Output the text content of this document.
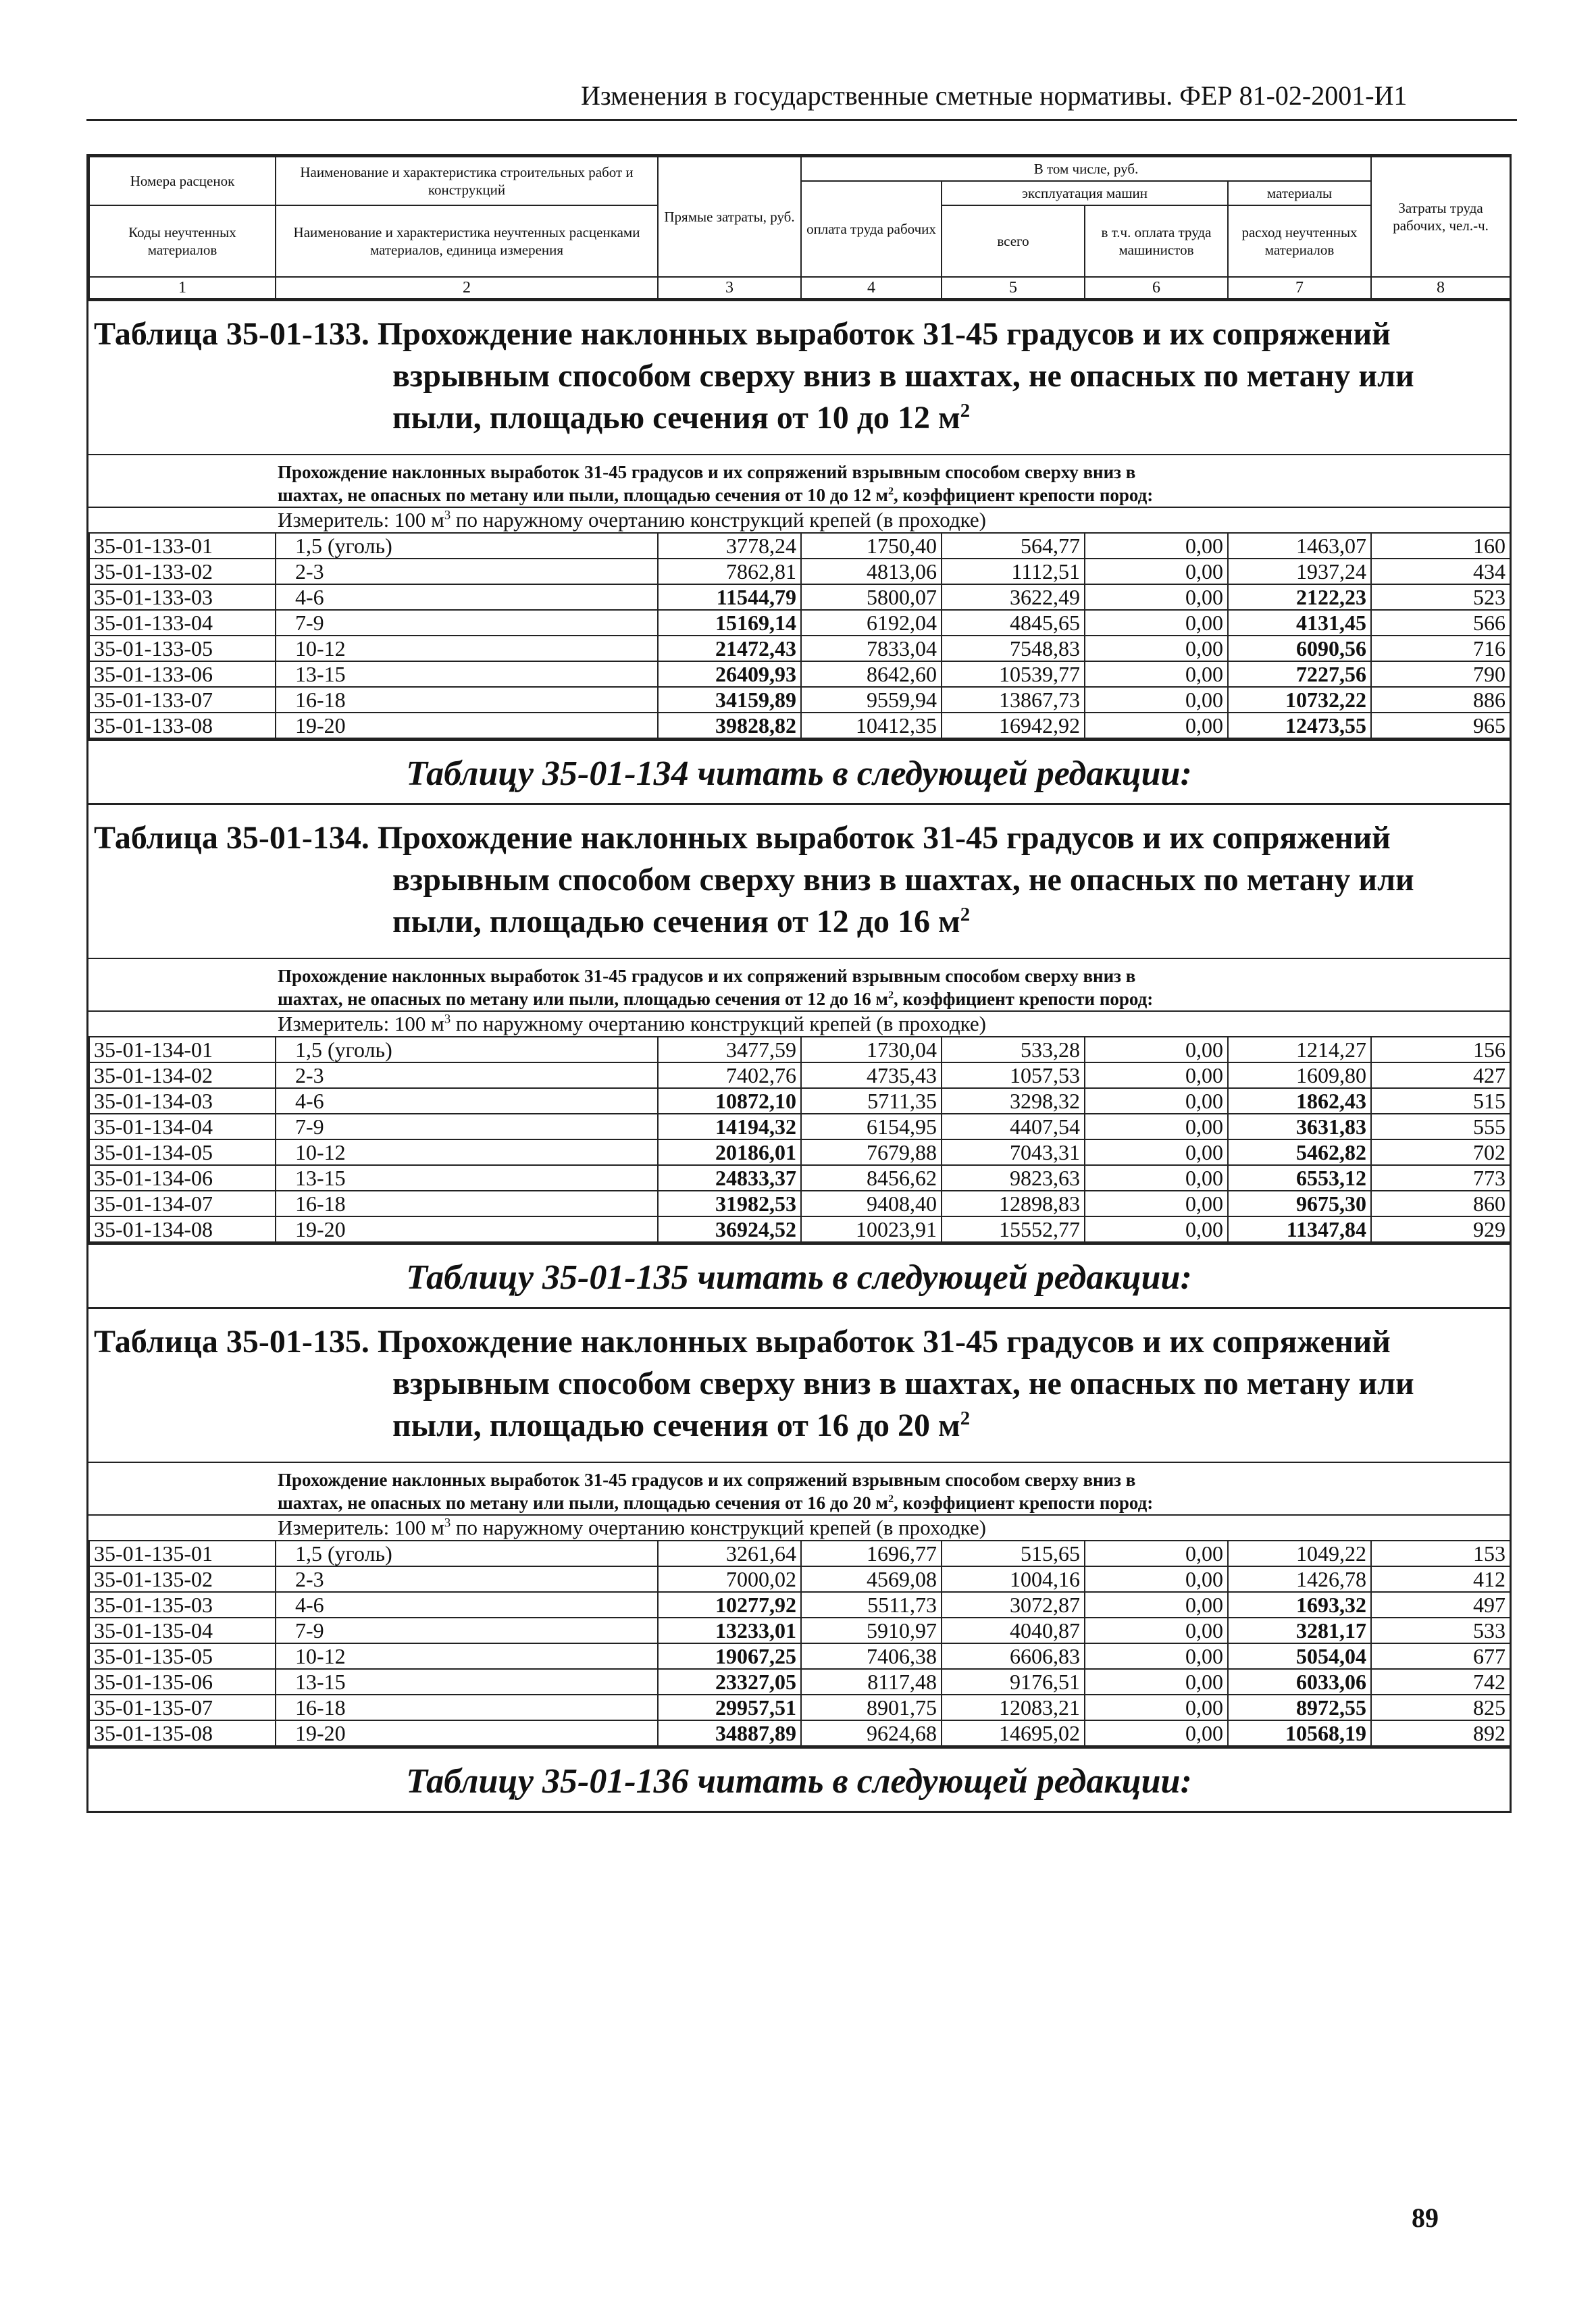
Изменения в государственные сметные нормативы. ФЕР 81-02-2001-И1
Номера расценок	Наименование и характеристика строительных работ и конструкций	Прямые затраты, руб.	В том числе, руб.				Затраты труда рабочих, чел.-ч.
			оплата труда рабочих	эксплуатация машин		материалы	
Коды неучтенных материалов	Наименование и характеристика неучтенных расценками материалов, единица измерения			всего	в т.ч. оплата труда машинистов	расход неучтенных материалов	

1	2	3	4	5	6	7	8
Таблица 35-01-133. Прохождение наклонных выработок 31-45 градусов и их сопряжений
взрывным способом сверху вниз в шахтах, не опасных по метану или
пыли, площадью сечения от 10 до 12 $м^2$
Прохождение наклонных выработок 31-45 градусов и их сопряжений взрывным способом сверху вниз в
шахтах, не опасных по метану или пыли, площадью сечения от 10 до 12 $м^2$, коэффициент крепости пород:
Измеритель: 100 $м^3$ по наружному очертанию конструкций крепей (в проходке)
35-01-133-01	1,5 (уголь)	3778,24	1750,40	564,77	0,00	1463,07	160
35-01-133-02	2-3	7862,81	4813,06	1112,51	0,00	1937,24	434
35-01-133-03	4-6	11544,79	5800,07	3622,49	0,00	2122,23	523
35-01-133-04	7-9	15169,14	6192,04	4845,65	0,00	4131,45	566
35-01-133-05	10-12	21472,43	7833,04	7548,83	0,00	6090,56	716
35-01-133-06	13-15	26409,93	8642,60	10539,77	0,00	7227,56	790
35-01-133-07	16-18	34159,89	9559,94	13867,73	0,00	10732,22	886
35-01-133-08	19-20	39828,82	10412,35	16942,92	0,00	12473,55	965
Таблицу 35-01-134 читать в следующей редакции:
Таблица 35-01-134. Прохождение наклонных выработок 31-45 градусов и их сопряжений
взрывным способом сверху вниз в шахтах, не опасных по метану или
пыли, площадью сечения от 12 до 16 $м^2$
Прохождение наклонных выработок 31-45 градусов и их сопряжений взрывным способом сверху вниз в
шахтах, не опасных по метану или пыли, площадью сечения от 12 до 16 $м^2$, коэффициент крепости пород:
Измеритель: 100 $м^3$ по наружному очертанию конструкций крепей (в проходке)
35-01-134-01	1,5 (уголь)	3477,59	1730,04	533,28	0,00	1214,27	156
35-01-134-02	2-3	7402,76	4735,43	1057,53	0,00	1609,80	427
35-01-134-03	4-6	10872,10	5711,35	3298,32	0,00	1862,43	515
35-01-134-04	7-9	14194,32	6154,95	4407,54	0,00	3631,83	555
35-01-134-05	10-12	20186,01	7679,88	7043,31	0,00	5462,82	702
35-01-134-06	13-15	24833,37	8456,62	9823,63	0,00	6553,12	773
35-01-134-07	16-18	31982,53	9408,40	12898,83	0,00	9675,30	860
35-01-134-08	19-20	36924,52	10023,91	15552,77	0,00	11347,84	929
Таблицу 35-01-135 читать в следующей редакции:
Таблица 35-01-135. Прохождение наклонных выработок 31-45 градусов и их сопряжений
взрывным способом сверху вниз в шахтах, не опасных по метану или
пыли, площадью сечения от 16 до 20 $м^2$
Прохождение наклонных выработок 31-45 градусов и их сопряжений взрывным способом сверху вниз в
шахтах, не опасных по метану или пыли, площадью сечения от 16 до 20 $м^2$, коэффициент крепости пород:
Измеритель: 100 $м^3$ по наружному очертанию конструкций крепей (в проходке)
35-01-135-01	1,5 (уголь)	3261,64	1696,77	515,65	0,00	1049,22	153
35-01-135-02	2-3	7000,02	4569,08	1004,16	0,00	1426,78	412
35-01-135-03	4-6	10277,92	5511,73	3072,87	0,00	1693,32	497
35-01-135-04	7-9	13233,01	5910,97	4040,87	0,00	3281,17	533
35-01-135-05	10-12	19067,25	7406,38	6606,83	0,00	5054,04	677
35-01-135-06	13-15	23327,05	8117,48	9176,51	0,00	6033,06	742
35-01-135-07	16-18	29957,51	8901,75	12083,21	0,00	8972,55	825
35-01-135-08	19-20	34887,89	9624,68	14695,02	0,00	10568,19	892
Таблицу 35-01-136 читать в следующей редакции:
89
